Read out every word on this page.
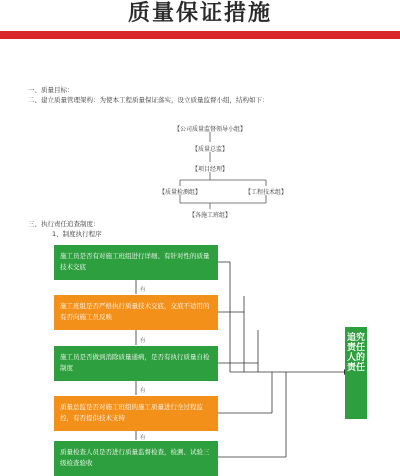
质量保证措施
一、质量目标：
二、建立质量管理架构：为使本工程质量保证落实，设立质量监督小组，结构如下：
【公司质量监督领导小组】
【质量总监】
【项目经理】
【质量检测组】	【工程技术组】
【各施工班组】
三、执行责任追查制度：
1、制度执行程序
施工员是否有对施工班组进行详细、有针对性的质量技术交底
有
施工班组是否严格执行质量技术交底，交底不适用的有否向施工员反映
有
施工员是否做到消除质量通病，是否有执行质量自检制度
有
质量总监是否对施工班组的施工质量进行全过程监控，有否提供技术支持
有
质量检查人员是否进行质量监督检查，检测、试验三级检查验收
追究责任人的责任
